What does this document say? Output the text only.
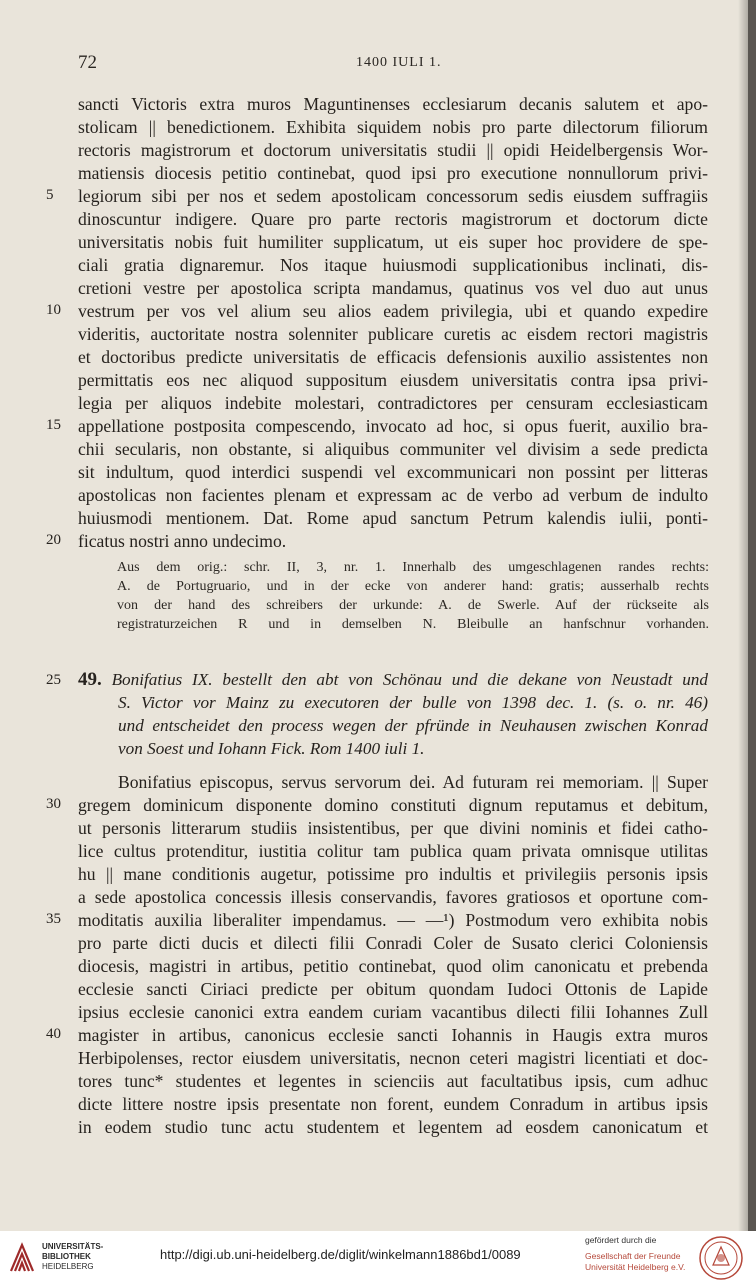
72	1400 IULI 1.
sancti Victoris extra muros Maguntinenses ecclesiarum decanis salutem et apo-
stolicam || benedictionem. Exhibita siquidem nobis pro parte dilectorum filiorum
rectoris magistrorum et doctorum universitatis studii || opidi Heidelbergensis Wor-
matiensis diocesis petitio continebat, quod ipsi pro executione nonnullorum privi-
5	legiorum sibi per nos et sedem apostolicam concessorum sedis eiusdem suffragiis
dinoscuntur indigere. Quare pro parte rectoris magistrorum et doctorum dicte
universitatis nobis fuit humiliter supplicatum, ut eis super hoc providere de spe-
ciali gratia dignaremur. Nos itaque huiusmodi supplicationibus inclinati, dis-
cretioni vestre per apostolica scripta mandamus, quatinus vos vel duo aut unus
10 vestrum per vos vel alium seu alios eadem privilegia, ubi et quando expedire
videritis, auctoritate nostra solenniter publicare curetis ac eisdem rectori magistris
et doctoribus predicte universitatis de efficacis defensionis auxilio assistentes non
permittatis eos nec aliquod suppositum eiusdem universitatis contra ipsa privi-
legia per aliquos indebite molestari, contradictores per censuram ecclesiasticam
15 appellatione postposita compescendo, invocato ad hoc, si opus fuerit, auxilio bra-
chii secularis, non obstante, si aliquibus communiter vel divisim a sede predicta
sit indultum, quod interdici suspendi vel excommunicari non possint per litteras
apostolicas non facientes plenam et expressam ac de verbo ad verbum de indulto
huiusmodi mentionem. Dat. Rome apud sanctum Petrum kalendis iulii, ponti-
20 ficatus nostri anno undecimo.
Aus dem orig.: schr. II, 3, nr. 1. Innerhalb des umgeschlagenen randes rechts:
A. de Portugruario, und in der ecke von anderer hand: gratis; ausserhalb rechts
von der hand des schreibers der urkunde: A. de Swerle. Auf der rückseite als
registraturzeichen R und in demselben N. Bleibulle an hanfschnur vorhanden.
25 49. Bonifatius IX. bestellt den abt von Schönau und die dekane von Neustadt und
S. Victor vor Mainz zu executoren der bulle von 1398 dec. 1. (s. o. nr. 46)
und entscheidet den process wegen der pfründe in Neuhausen zwischen Konrad
von Soest und Iohann Fick. Rom 1400 iuli 1.
Bonifatius episcopus, servus servorum dei. Ad futuram rei memoriam. || Super
30 gregem dominicum disponente domino constituti dignum reputamus et debitum,
ut personis litterarum studiis insistentibus, per que divini nominis et fidei catho-
lice cultus protenditur, iustitia colitur tam publica quam privata omnisque utilitas
hu || mane conditionis augetur, potissime pro indultis et privilegiis personis ipsis
a sede apostolica concessis illesis conservandis, favores gratiosos et oportune com-
35 moditatis auxilia liberaliter impendamus. — —¹) Postmodum vero exhibita nobis
pro parte dicti ducis et dilecti filii Conradi Coler de Susato clerici Coloniensis
diocesis, magistri in artibus, petitio continebat, quod olim canonicatu et prebenda
ecclesie sancti Ciriaci predicte per obitum quondam Iudoci Ottonis de Lapide
ipsius ecclesie canonici extra eandem curiam vacantibus dilecti filii Iohannes Zull
40 magister in artibus, canonicus ecclesie sancti Iohannis in Haugis extra muros
Herbipolenses, rector eiusdem universitatis, necnon ceteri magistri licentiati et doc-
tores tunc* studentes et legentes in scienciis aut facultatibus ipsis, cum adhuc
dicte littere nostre ipsis presentate non forent, eundem Conradum in artibus ipsis
in eodem studio tunc actu studentem et legentem ad eosdem canonicatum et
UNIVERSITÄTS-
BIBLIOTHEK
HEIDELBERG
http://digi.ub.uni-heidelberg.de/diglit/winkelmann1886bd1/0089
gefördert durch die
Gesellschaft der Freunde
Universität Heidelberg e.V.
